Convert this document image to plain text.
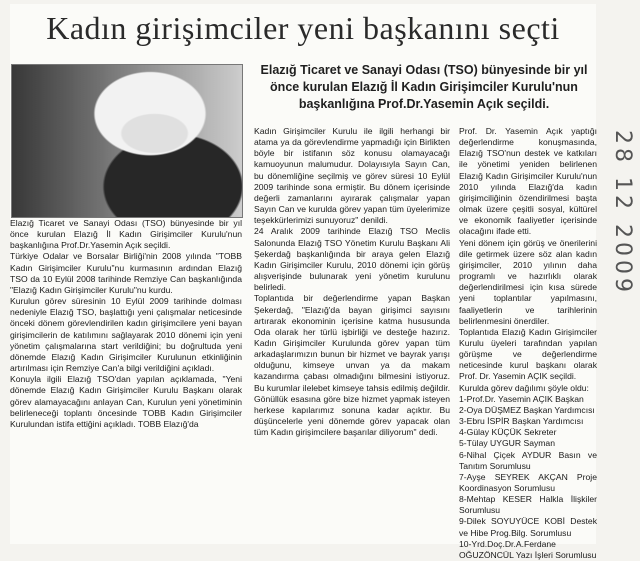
Kadın girişimciler yeni başkanını seçti
Elazığ Ticaret ve Sanayi Odası (TSO) bünyesinde bir yıl önce kurulan Elazığ İl Kadın Girişimciler Kurulu'nun başkanlığına Prof.Dr.Yasemin Açık seçildi.

Elazığ Ticaret ve Sanayi Odası (TSO) bünyesinde bir yıl önce kurulan Elazığ İl Kadın Girişimciler Kurulu'nun başkanlığına Prof.Dr.Yasemin Açık seçildi.
Türkiye Odalar ve Borsalar Birliği'nin 2008 yılında "TOBB Kadın Girişimciler Kurulu"nu kurmasının ardından Elazığ TSO da 10 Eylül 2008 tarihinde Remziye Can başkanlığında "Elazığ Kadın Girişimciler Kurulu"nu kurdu.
Kurulun görev süresinin 10 Eylül 2009 tarihinde dolması nedeniyle Elazığ TSO, başlattığı yeni çalışmalar neticesinde önceki dönem görevlendirilen kadın girişimcilere yeni bayan girişimcilerin de katılımını sağlayarak 2010 dönemi için yeni yönetim çalışmalarına start verildiğini; bu doğrultuda yeni dönemde Elazığ Kadın Girişimciler Kurulunun etkinliğinin artırılması için Remziye Can'a bilgi verildiğini açıkladı.
Konuyla ilgili Elazığ TSO'dan yapılan açıklamada, "Yeni dönemde Elazığ Kadın Girişimciler Kurulu Başkanı olarak görev alamayacağını anlayan Can, Kurulun yeni yönetiminin belirleneceği toplantı öncesinde TOBB Kadın Girişimciler Kurulundan istifa ettiğini açıkladı. TOBB Elazığ'da

Kadın Girişimciler Kurulu ile ilgili herhangi bir atama ya da görevlendirme yapmadığı için Birlikten böyle bir istifanın söz konusu olamayacağı kamuoyunun malumudur. Dolayısıyla Sayın Can, bu dönemliğine seçilmiş ve görev süresi 10 Eylül 2009 tarihinde sona ermiştir. Bu dönem içerisinde değerli zamanlarını ayırarak çalışmalar yapan Sayın Can ve kurulda görev yapan tüm üyelerimize teşekkürlerimizi sunuyoruz" denildi.
24 Aralık 2009 tarihinde Elazığ TSO Meclis Salonunda Elazığ TSO Yönetim Kurulu Başkanı Ali Şekerdağ başkanlığında bir araya gelen Elazığ Kadın Girişimciler Kurulu, 2010 dönemi için görüş alışverişinde bulunarak yeni yönetim kurulunu belirledi.
Toplantıda bir değerlendirme yapan Başkan Şekerdağ, "Elazığ'da bayan girişimci sayısını artırarak ekonominin içerisine katma hususunda Oda olarak her türlü işbirliği ve desteğe hazırız. Kadın Girişimciler Kurulunda görev yapan tüm arkadaşlarımızın bunun bir hizmet ve bayrak yarışı olduğunu, kimseye unvan ya da makam kazandırma çabası olmadığını bilmesini istiyoruz. Bu kurumlar ilelebet kimseye tahsis edilmiş değildir. Gönüllük esasına göre bize hizmet yapmak isteyen herkese kapılarımız sonuna kadar açıktır. Bu düşüncelerle yeni dönemde görev yapacak olan tüm Kadın girişimcilere başarılar diliyorum" dedi.

Prof. Dr. Yasemin Açık yaptığı değerlendirme konuşmasında, Elazığ TSO'nun destek ve katkıları ile yönetimi yeniden belirlenen Elazığ Kadın Girişimciler Kurulu'nun 2010 yılında Elazığ'da kadın girişimciliğinin özendirilmesi başta olmak üzere çeşitli sosyal, kültürel ve ekonomik faaliyetler içerisinde olacağını ifade etti.
Yeni dönem için görüş ve önerilerini dile getirmek üzere söz alan kadın girişimciler, 2010 yılının daha programlı ve hazırlıklı olarak değerlendirilmesi için kısa sürede yeni toplantılar yapılmasını, faaliyetlerin ve tarihlerinin belirlenmesini önerdiler.
Toplantıda Elazığ Kadın Girişimciler Kurulu üyeleri tarafından yapılan görüşme ve değerlendirme neticesinde kurul başkanı olarak Prof. Dr. Yasemin AÇIK seçildi.
Kurulda görev dağılımı şöyle oldu:

1-Prof.Dr. Yasemin AÇIK Başkan
2-Oya DÜŞMEZ Başkan Yardımcısı
3-Ebru İSPİR Başkan Yardımcısı
4-Gülay KÜÇÜK Sekreter
5-Tülay UYGUR Sayman
6-Nihal Çiçek AYDUR Basın ve Tanıtım Sorumlusu
7-Ayşe SEYREK AKÇAN Proje Koordinasyon Sorumlusu
8-Mehtap KESER Halkla İlişkiler Sorumlusu
9-Dilek SOYUYÜCE KOBİ Destek ve Hibe Prog.Bilg. Sorumlusu
10-Yrd.Doç.Dr.A.Ferdane OĞUZÖNCÜL Yazı İşleri Sorumlusu

28 12 2009
